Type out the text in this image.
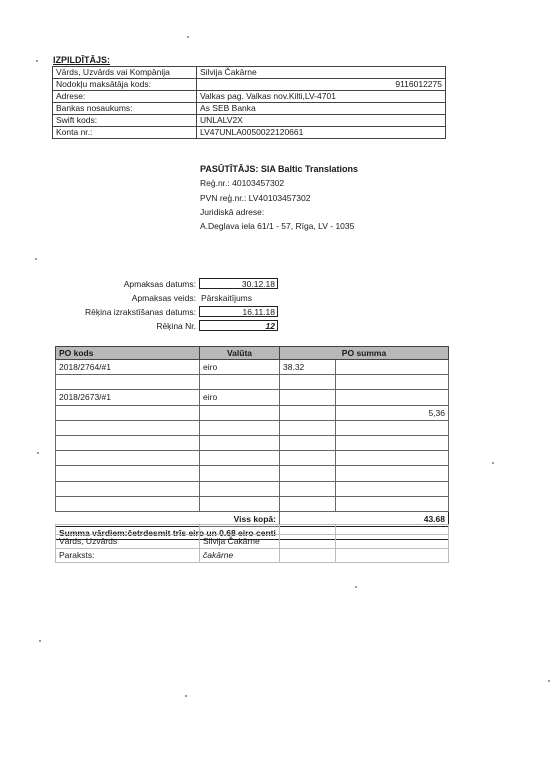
IZPILDĪTĀJS:
Vārds, Uzvārds vai Kompānija	Silvija Čakārne
Nodokļu maksātāja kods:	9116012275
Adrese:	Valkas pag. Valkas nov.Kilti,LV-4701
Bankas nosaukums:	As SEB Banka
Swift kods:	UNLALV2X
Konta nr.:	LV47UNLA0050022120661
PASŪTĪTĀJS: SIA Baltic Translations
Reģ.nr.: 40103457302
PVN reģ.nr.: LV40103457302
Juridiskā adrese:
A.Deglava iela 61/1 - 57, Rīga, LV - 1035
Apmaksas datums:	30.12.18
Apmaksas veids: Pārskaitījums
Rēķina izrakstīšanas datums:	16.11.18
Rēķina Nr.	12
PO kods	Valūta	PO summa	
2018/2764/#1	eiro	38.32	

2018/2673/#1	eiro		
			5,36

	Viss kopā:	43.68	
Summa vārdiem:četrdesmit trīs eiro un 0.68 eiro centi			

Vārds, Uzvārds	Silvija Čakārne		
Paraksts:	čakārne		
